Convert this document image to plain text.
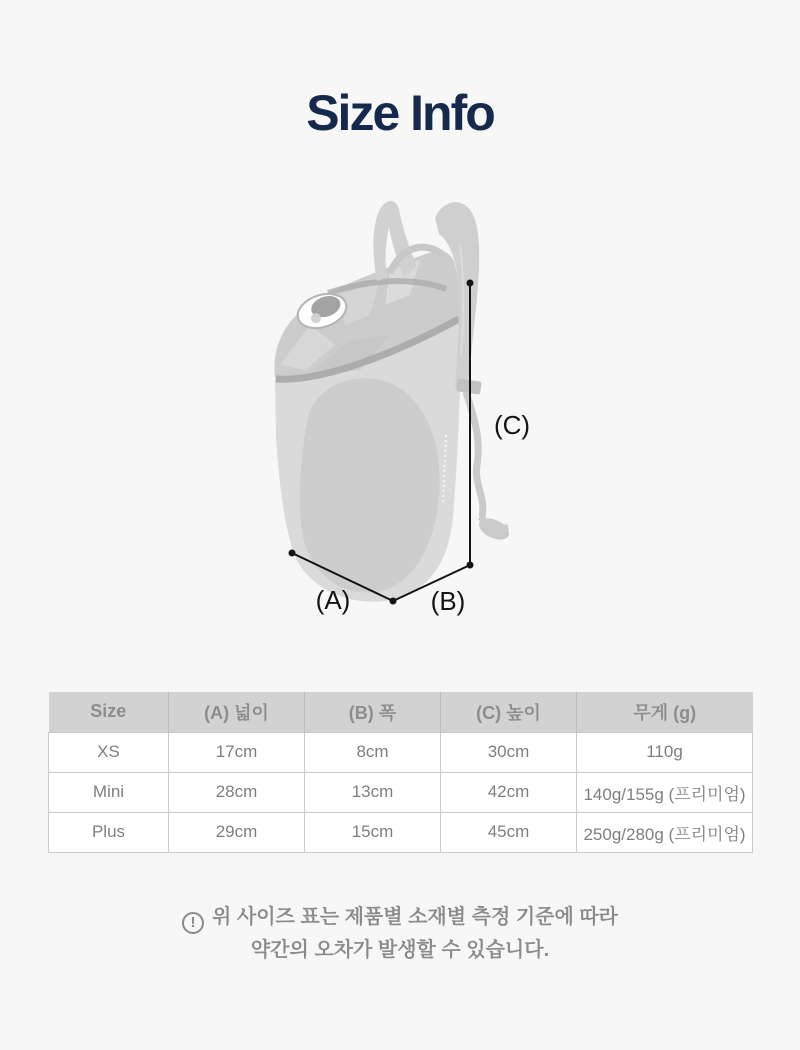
Size Info
(A)	(B)
(C)
Size	(A) 넓이	(B) 폭	(C) 높이	무게 (g)
XS	17cm	8cm	30cm	110g
Mini	28cm	13cm	42cm	140g/155g (프리미엄)
Plus	29cm	15cm	45cm	250g/280g (프리미엄)
! 위 사이즈 표는 제품별 소재별 측정 기준에 따라
약간의 오차가 발생할 수 있습니다.
